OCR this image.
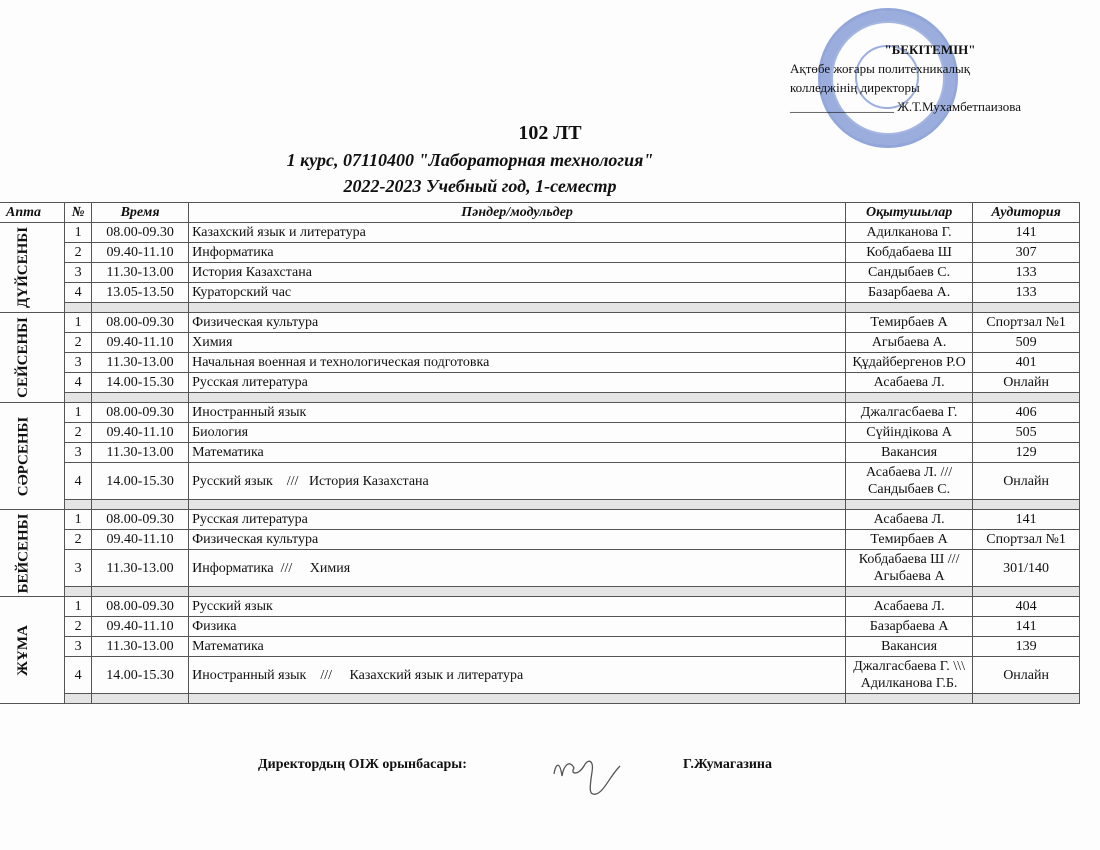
"БЕКІТЕМІН"
Ақтөбе жоғары политехникалық
колледжінің директоры
________________ Ж.Т.Мухамбетпаизова
102 ЛТ
1 курс, 07110400 "Лабораторная технология"
2022-2023 Учебный год, 1-семестр
Апта	№	Время	Пәндер/модульдер	Оқытушылар	Аудитория
ДҮЙСЕНБІ	1	08.00-09.30	Казахский язык и литература	Адилканова Г.	141
	2	09.40-11.10	Информатика	Кобдабаева Ш	307
	3	11.30-13.00	История Казахстана	Сандыбаев С.	133
	4	13.05-13.50	Кураторский час	Базарбаева А.	133

СЕЙСЕНБІ	1	08.00-09.30	Физическая культура	Темирбаев А	Спортзал №1
	2	09.40-11.10	Химия	Агыбаева А.	509
	3	11.30-13.00	Начальная военная и технологическая подготовка	Құдайбергенов Р.О	401
	4	14.00-15.30	Русская литература	Асабаева Л.	Онлайн

СӘРСЕНБІ	1	08.00-09.30	Иностранный язык	Джалгасбаева Г.	406
	2	09.40-11.10	Биология	Сүйіндікова А	505
	3	11.30-13.00	Математика	Вакансия	129
	4	14.00-15.30	Русский язык    ///   История Казахстана	Асабаева Л. ///
Сандыбаев С.	Онлайн

БЕЙСЕНБІ	1	08.00-09.30	Русская литература	Асабаева Л.	141
	2	09.40-11.10	Физическая культура	Темирбаев А	Спортзал №1
	3	11.30-13.00	Информатика  ///     Химия	Кобдабаева Ш ///
Агыбаева А	301/140

ЖҰМА	1	08.00-09.30	Русский язык	Асабаева Л.	404
	2	09.40-11.10	Физика	Базарбаева А	141
	3	11.30-13.00	Математика	Вакансия	139
	4	14.00-15.30	Иностранный язык    ///     Казахский язык и литература	Джалгасбаева Г. \\\
Адилканова Г.Б.	Онлайн

Директордың ОІЖ орынбасары:	Г.Жумагазина
